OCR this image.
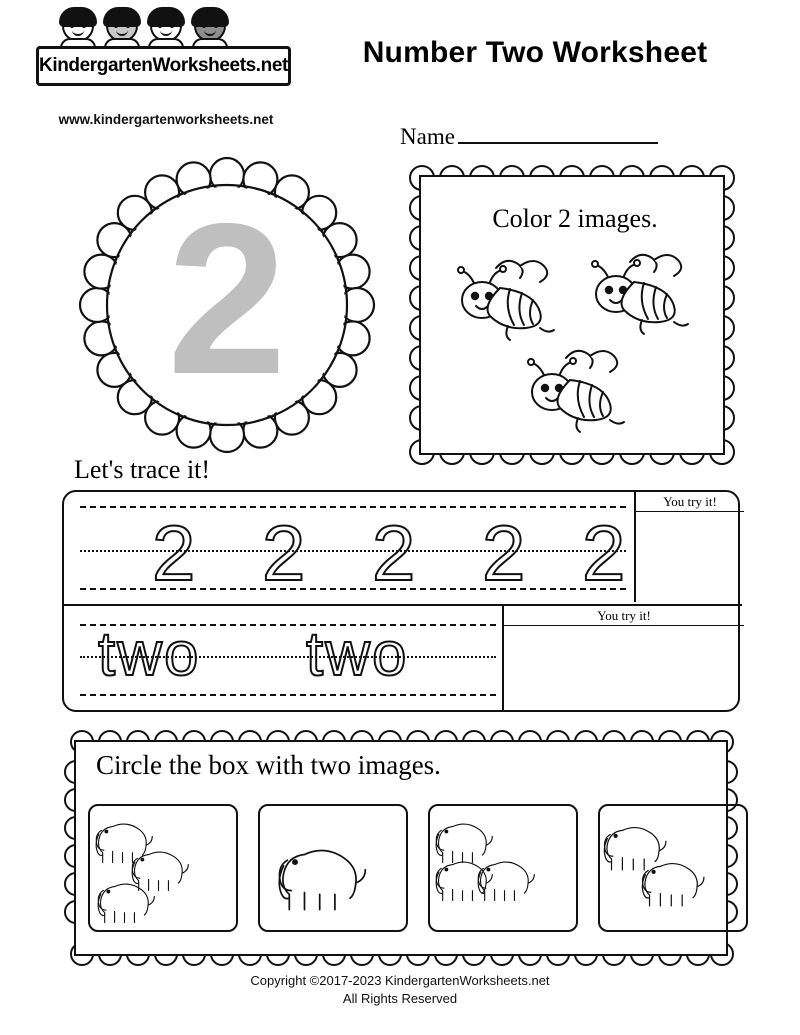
KindergartenWorksheets.net
www.kindergartenworksheets.net
Number Two Worksheet
Name
2	Color 2 images.
Let's trace it!
2 2 2 2 2
You try it!
two two
You try it!
Circle the box with two images.
Copyright ©2017-2023 KindergartenWorksheets.net
All Rights Reserved
